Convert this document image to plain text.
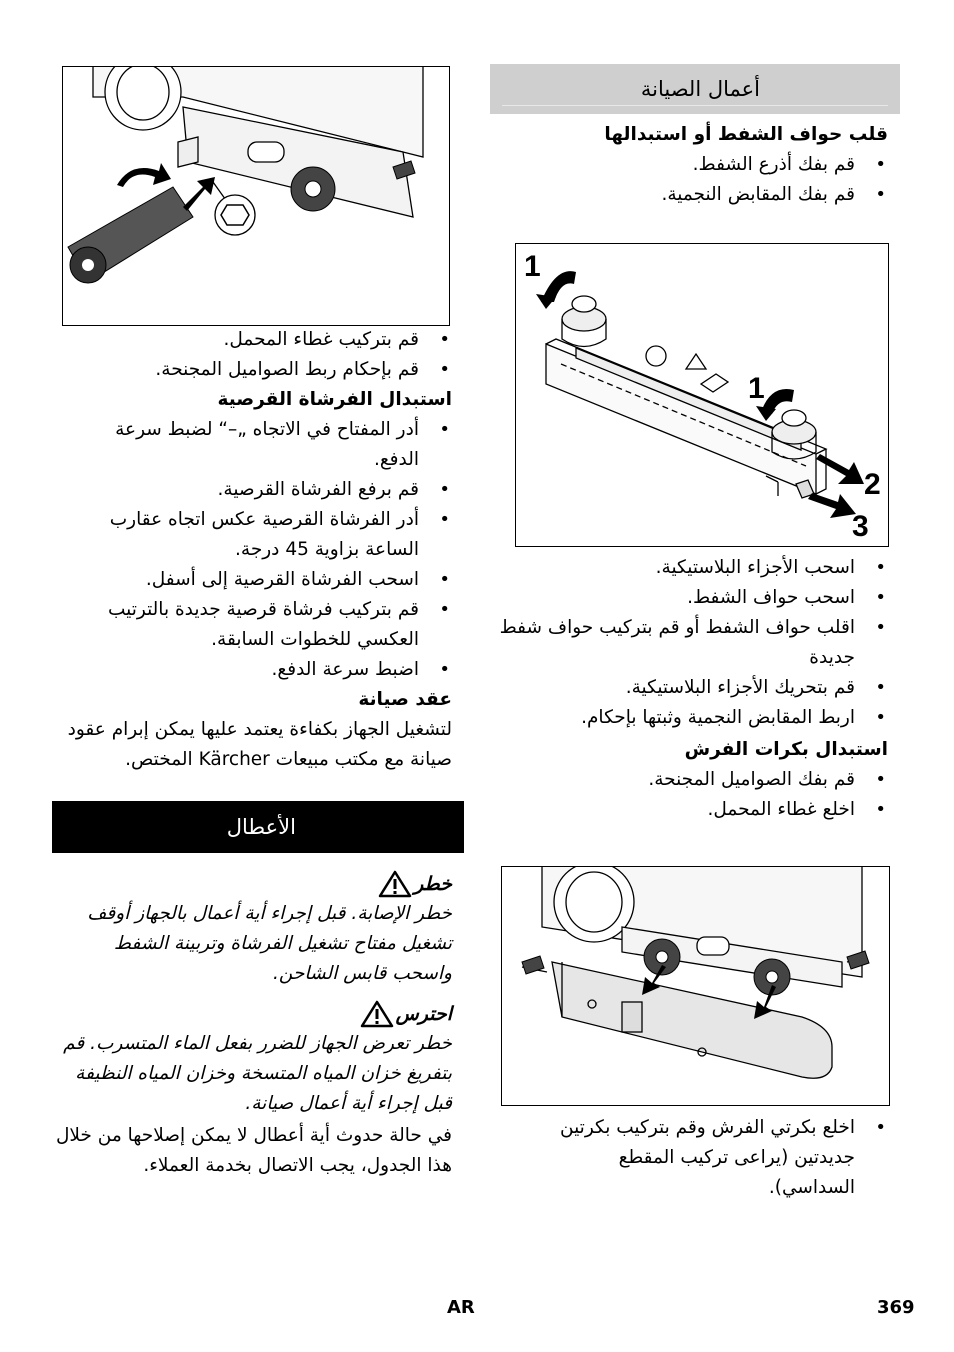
أعمال الصيانة
قلب حواف الشفط أو استبدالها
• قم بفك أذرع الشفط.
• قم بفك المقابض النجمية.
1
1
2
3
• اسحب الأجزاء البلاستيكية.
• اسحب حواف الشفط.
• اقلب حواف الشفط أو قم بتركيب حواف شفط جديدة
• قم بتحريك الأجزاء البلاستيكية.
• اربط المقابض النجمية وثبتها بإحكام.
استبدال بكرات الفرش
• قم بفك الصواميل المجنحة.
• اخلع غطاء المحمل.
• اخلع بكرتي الفرش وقم بتركيب بكرتين جديدتين (يراعى تركيب المقطع السداسي).
• قم بتركيب غطاء المحمل.
• قم بإحكام ربط الصواميل المجنحة.
استبدال الفرشاة القرصية
• أدر المفتاح في الاتجاه „–“ لضبط سرعة الدفع.
• قم برفع الفرشاة القرصية.
• أدر الفرشاة القرصية عكس اتجاه عقارب الساعة بزاوية 45 درجة.
• اسحب الفرشاة القرصية إلى أسفل.
• قم بتركيب فرشاة قرصية جديدة بالترتيب العكسي للخطوات السابقة.
• اضبط سرعة الدفع.
عقد صيانة
لتشغيل الجهاز بكفاءة يعتمد عليها يمكن إبرام عقود صيانة مع مكتب مبيعات Kärcher المختص.
الأعطال
خطر
خطر الإصابة. قبل إجراء أية أعمال بالجهاز أوقف تشغيل مفتاح تشغيل الفرشاة وتربينة الشفط واسحب قابس الشاحن.
احترس
خطر تعرض الجهاز للضرر بفعل الماء المتسرب. قم بتفريغ خزان المياه المتسخة وخزان المياه النظيفة قبل إجراء أية أعمال صيانة.
في حالة حدوث أية أعطال لا يمكن إصلاحها من خلال هذا الجدول، يجب الاتصال بخدمة العملاء.
AR	369
